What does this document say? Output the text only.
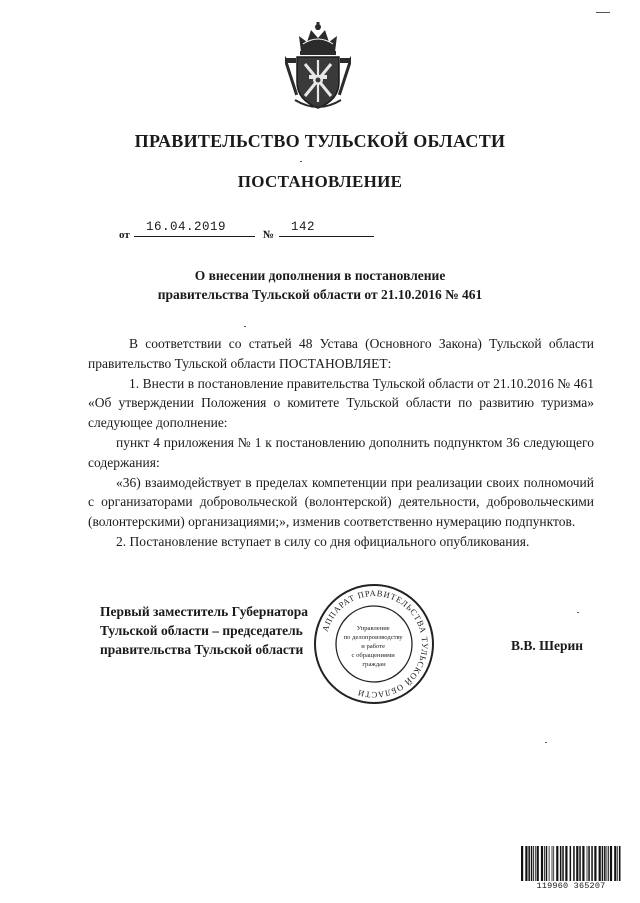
ПРАВИТЕЛЬСТВО ТУЛЬСКОЙ ОБЛАСТИ
ПОСТАНОВЛЕНИЕ
от
16.04.2019
№
142
О внесении дополнения в постановление
правительства Тульской области от 21.10.2016 № 461

В соответствии со статьей 48 Устава (Основного Закона) Тульской области правительство Тульской области ПОСТАНОВЛЯЕТ:

1. Внести в постановление правительства Тульской области от 21.10.2016 № 461 «Об утверждении Положения о комитете Тульской области по развитию туризма» следующее дополнение:

пункт 4 приложения № 1 к постановлению дополнить подпунктом 36 следующего содержания:

«36) взаимодействует в пределах компетенции при реализации своих полномочий с организаторами добровольческой (волонтерской) деятельности, добровольческими (волонтерскими) организациями;», изменив соответственно нумерацию подпунктов.

2. Постановление вступает в силу со дня официального опубликования.

Первый заместитель Губернатора
Тульской области – председатель
правительства Тульской области	В.В. Шерин
АППАРАТ ПРАВИТЕЛЬСТВА ТУЛЬСКОЙ ОБЛАСТИ
Управление по делопроизводству и работе с обращениями граждан
119960 365207
